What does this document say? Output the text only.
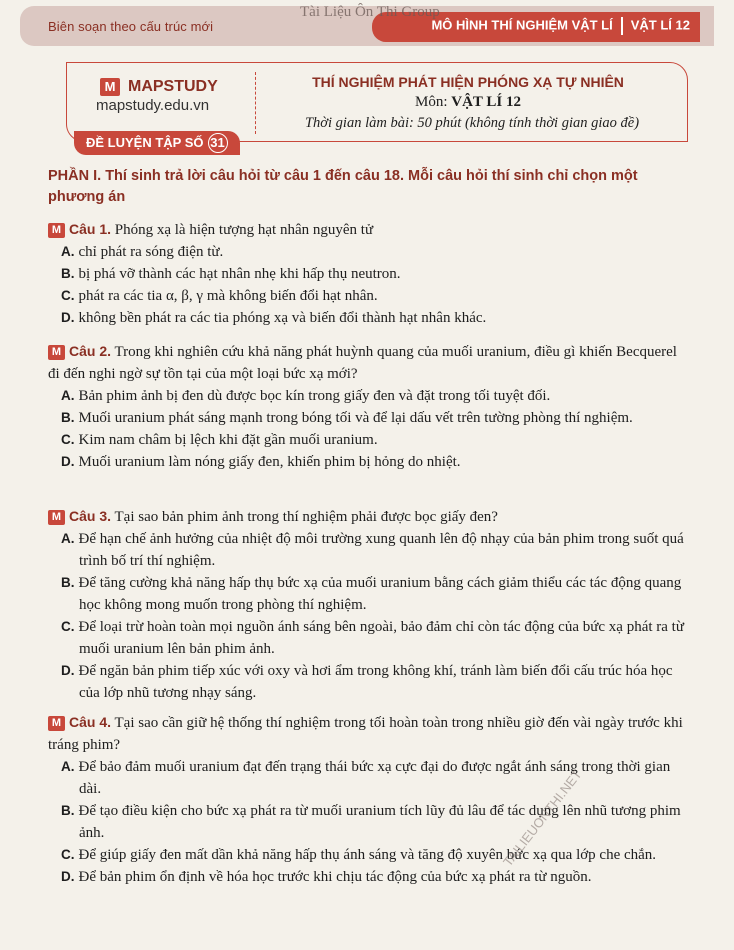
Biên soạn theo cấu trúc mới	MÔ HÌNH THÍ NGHIỆM VẬT LÍ VẬT LÍ 12
Tài Liệu Ôn Thi Group
M MAPSTUDY
mapstudy.edu.vn
THÍ NGHIỆM PHÁT HIỆN PHÓNG XẠ TỰ NHIÊN
Môn: VẬT LÍ 12
Thời gian làm bài: 50 phút (không tính thời gian giao đề)
ĐỀ LUYỆN TẬP SỐ 31
PHẦN I. Thí sinh trả lời câu hỏi từ câu 1 đến câu 18. Mỗi câu hỏi thí sinh chỉ chọn một phương án
M Câu 1. Phóng xạ là hiện tượng hạt nhân nguyên tử
A. chỉ phát ra sóng điện từ.
B. bị phá vỡ thành các hạt nhân nhẹ khi hấp thụ neutron.
C. phát ra các tia α, β, γ mà không biến đổi hạt nhân.
D. không bền phát ra các tia phóng xạ và biến đổi thành hạt nhân khác.
M Câu 2. Trong khi nghiên cứu khả năng phát huỳnh quang của muối uranium, điều gì khiến Becquerel đi đến nghi ngờ sự tồn tại của một loại bức xạ mới?
A. Bản phim ảnh bị đen dù được bọc kín trong giấy đen và đặt trong tối tuyệt đối.
B. Muối uranium phát sáng mạnh trong bóng tối và để lại dấu vết trên tường phòng thí nghiệm.
C. Kim nam châm bị lệch khi đặt gần muối uranium.
D. Muối uranium làm nóng giấy đen, khiến phim bị hỏng do nhiệt.
M Câu 3. Tại sao bản phim ảnh trong thí nghiệm phải được bọc giấy đen?
A. Để hạn chế ảnh hưởng của nhiệt độ môi trường xung quanh lên độ nhạy của bản phim trong suốt quá trình bố trí thí nghiệm.
B. Để tăng cường khả năng hấp thụ bức xạ của muối uranium bằng cách giảm thiểu các tác động quang học không mong muốn trong phòng thí nghiệm.
C. Để loại trừ hoàn toàn mọi nguồn ánh sáng bên ngoài, bảo đảm chỉ còn tác động của bức xạ phát ra từ muối uranium lên bản phim ảnh.
D. Để ngăn bản phim tiếp xúc với oxy và hơi ẩm trong không khí, tránh làm biến đổi cấu trúc hóa học của lớp nhũ tương nhạy sáng.
M Câu 4. Tại sao cần giữ hệ thống thí nghiệm trong tối hoàn toàn trong nhiều giờ đến vài ngày trước khi tráng phim?
A. Để bảo đảm muối uranium đạt đến trạng thái bức xạ cực đại do được ngắt ánh sáng trong thời gian dài.
B. Để tạo điều kiện cho bức xạ phát ra từ muối uranium tích lũy đủ lâu để tác dụng lên nhũ tương phim ảnh.
C. Để giúp giấy đen mất dần khả năng hấp thụ ánh sáng và tăng độ xuyên bức xạ qua lớp che chắn.
D. Để bản phim ổn định về hóa học trước khi chịu tác động của bức xạ phát ra từ nguồn.
TAILIEUONTHI.NET
